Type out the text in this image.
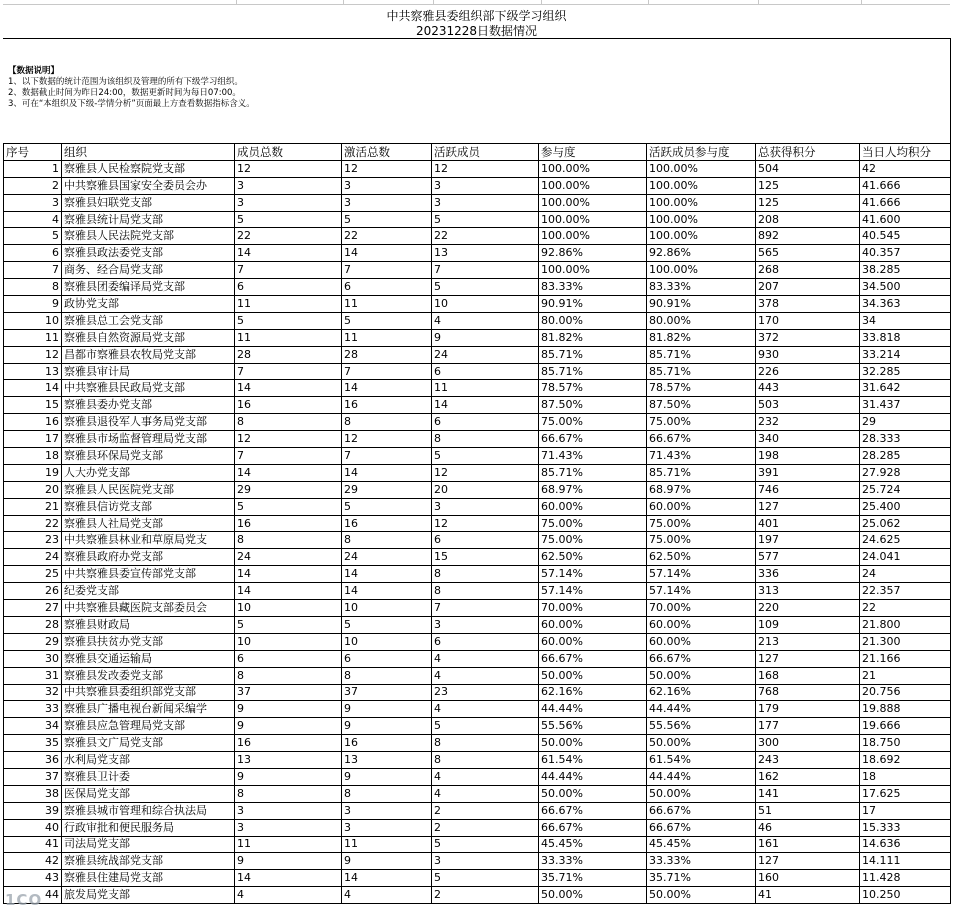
中共察雅县委组织部下级学习组织
20231228日数据情况
【数据说明】
1、以下数据的统计范围为该组织及管理的所有下级学习组织。
2、数据截止时间为昨日24:00，数据更新时间为每日07:00。
3、可在“本组织及下级-学情分析”页面最上方查看数据指标含义。
序号	组织	成员总数	激活总数	活跃成员	参与度	活跃成员参与度	总获得积分	当日人均积分
1	察雅县人民检察院党支部	12	12	12	100.00%	100.00%	504	42
2	中共察雅县国家安全委员会办	3	3	3	100.00%	100.00%	125	41.666
3	察雅县妇联党支部	3	3	3	100.00%	100.00%	125	41.666
4	察雅县统计局党支部	5	5	5	100.00%	100.00%	208	41.600
5	察雅县人民法院党支部	22	22	22	100.00%	100.00%	892	40.545
6	察雅县政法委党支部	14	14	13	92.86%	92.86%	565	40.357
7	商务、经合局党支部	7	7	7	100.00%	100.00%	268	38.285
8	察雅县团委编译局党支部	6	6	5	83.33%	83.33%	207	34.500
9	政协党支部	11	11	10	90.91%	90.91%	378	34.363
10	察雅县总工会党支部	5	5	4	80.00%	80.00%	170	34
11	察雅县自然资源局党支部	11	11	9	81.82%	81.82%	372	33.818
12	昌都市察雅县农牧局党支部	28	28	24	85.71%	85.71%	930	33.214
13	察雅县审计局	7	7	6	85.71%	85.71%	226	32.285
14	中共察雅县民政局党支部	14	14	11	78.57%	78.57%	443	31.642
15	察雅县委办党支部	16	16	14	87.50%	87.50%	503	31.437
16	察雅县退役军人事务局党支部	8	8	6	75.00%	75.00%	232	29
17	察雅县市场监督管理局党支部	12	12	8	66.67%	66.67%	340	28.333
18	察雅县环保局党支部	7	7	5	71.43%	71.43%	198	28.285
19	人大办党支部	14	14	12	85.71%	85.71%	391	27.928
20	察雅县人民医院党支部	29	29	20	68.97%	68.97%	746	25.724
21	察雅县信访党支部	5	5	3	60.00%	60.00%	127	25.400
22	察雅县人社局党支部	16	16	12	75.00%	75.00%	401	25.062
23	中共察雅县林业和草原局党支	8	8	6	75.00%	75.00%	197	24.625
24	察雅县政府办党支部	24	24	15	62.50%	62.50%	577	24.041
25	中共察雅县委宣传部党支部	14	14	8	57.14%	57.14%	336	24
26	纪委党支部	14	14	8	57.14%	57.14%	313	22.357
27	中共察雅县藏医院支部委员会	10	10	7	70.00%	70.00%	220	22
28	察雅县财政局	5	5	3	60.00%	60.00%	109	21.800
29	察雅县扶贫办党支部	10	10	6	60.00%	60.00%	213	21.300
30	察雅县交通运输局	6	6	4	66.67%	66.67%	127	21.166
31	察雅县发改委党支部	8	8	4	50.00%	50.00%	168	21
32	中共察雅县委组织部党支部	37	37	23	62.16%	62.16%	768	20.756
33	察雅县广播电视台新闻采编学	9	9	4	44.44%	44.44%	179	19.888
34	察雅县应急管理局党支部	9	9	5	55.56%	55.56%	177	19.666
35	察雅县文广局党支部	16	16	8	50.00%	50.00%	300	18.750
36	水利局党支部	13	13	8	61.54%	61.54%	243	18.692
37	察雅县卫计委	9	9	4	44.44%	44.44%	162	18
38	医保局党支部	8	8	4	50.00%	50.00%	141	17.625
39	察雅县城市管理和综合执法局	3	3	2	66.67%	66.67%	51	17
40	行政审批和便民服务局	3	3	2	66.67%	66.67%	46	15.333
41	司法局党支部	11	11	5	45.45%	45.45%	161	14.636
42	察雅县统战部党支部	9	9	3	33.33%	33.33%	127	14.111
43	察雅县住建局党支部	14	14	5	35.71%	35.71%	160	11.428
44	旅发局党支部	4	4	2	50.00%	50.00%	41	10.250
1CO
